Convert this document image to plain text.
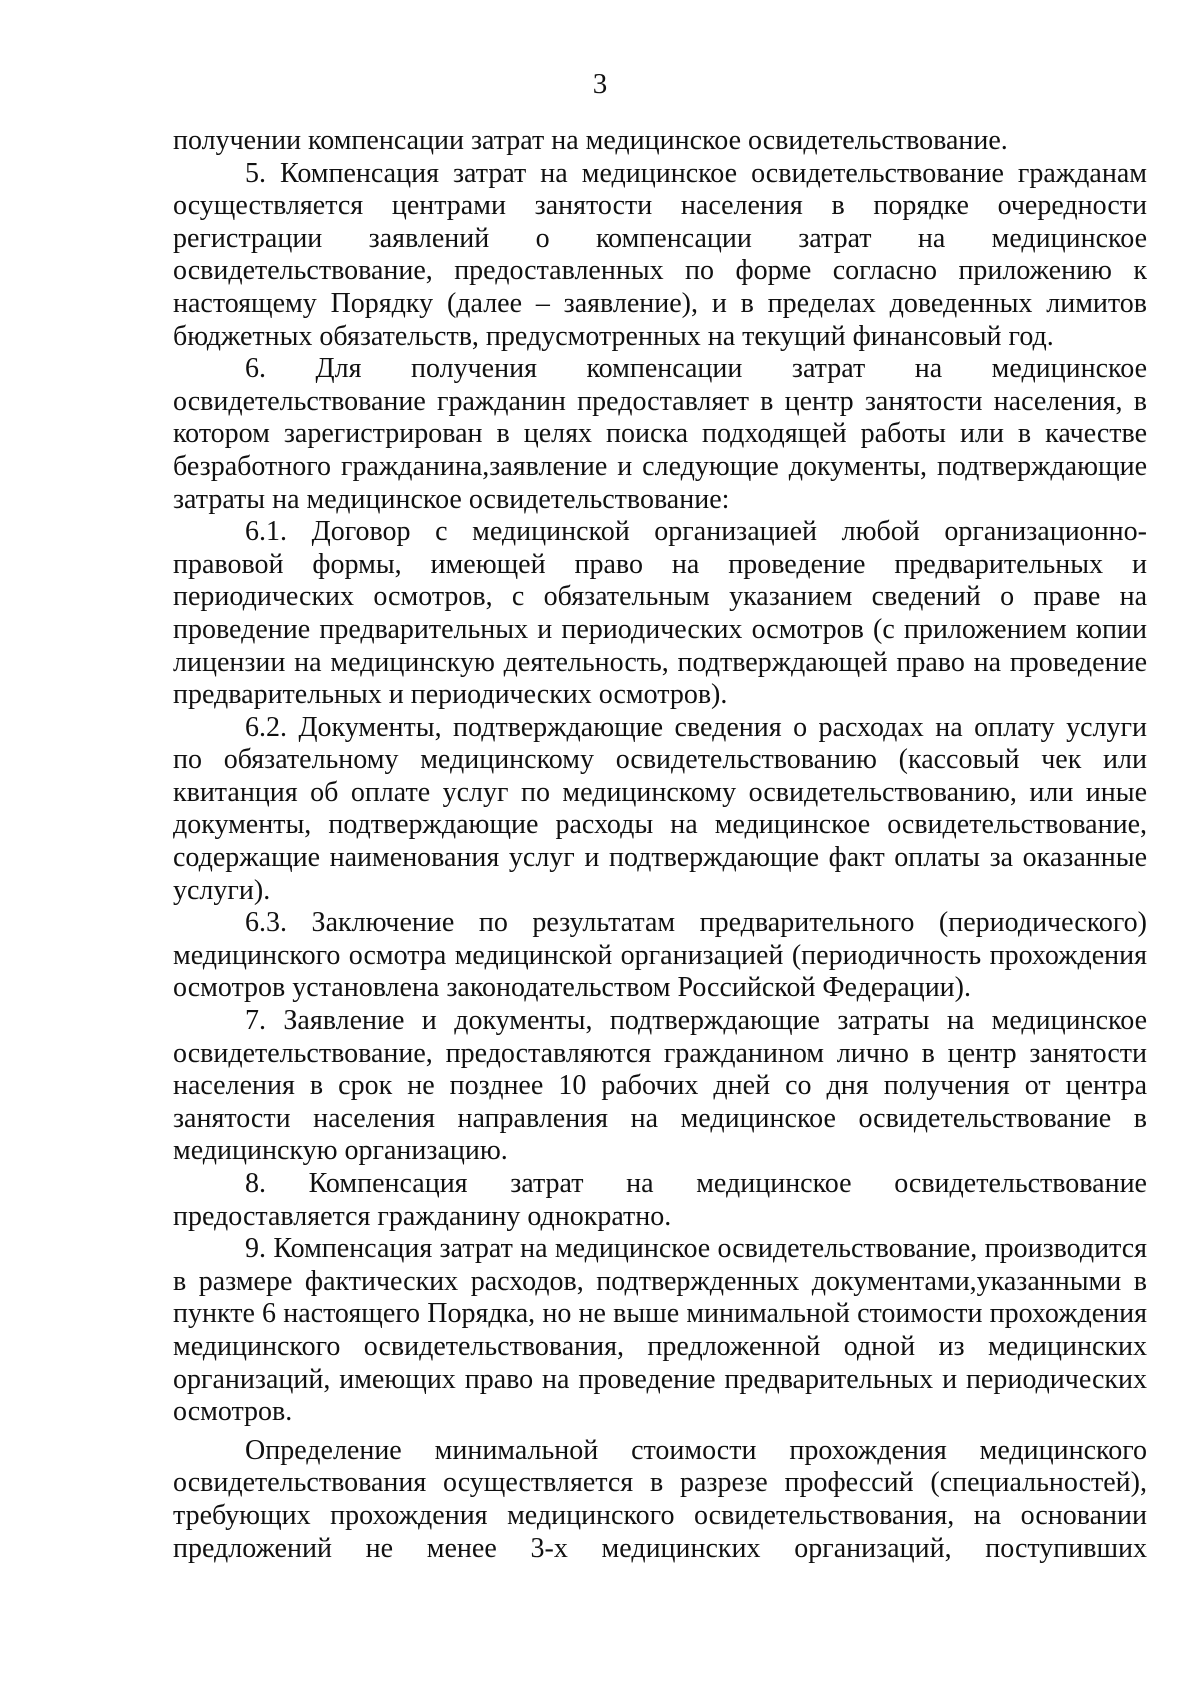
3

получении компенсации затрат на медицинское освидетельствование.

5. Компенсация затрат на медицинское освидетельствование гражданам осуществляется центрами занятости населения в порядке очередности регистрации заявлений о компенсации затрат на медицинское освидетельствование, предоставленных по форме согласно приложению к настоящему Порядку (далее – заявление), и в пределах доведенных лимитов бюджетных обязательств, предусмотренных на текущий финансовый год.

6. Для получения компенсации затрат на медицинское освидетельствование гражданин предоставляет в центр занятости населения, в котором зарегистрирован в целях поиска подходящей работы или в качестве безработного гражданина,заявление и следующие документы, подтверждающие затраты на медицинское освидетельствование:

6.1. Договор с медицинской организацией любой организационно-правовой формы, имеющей право на проведение предварительных и периодических осмотров, с обязательным указанием сведений о праве на проведение предварительных и периодических осмотров (с приложением копии лицензии на медицинскую деятельность, подтверждающей право на проведение предварительных и периодических осмотров).

6.2. Документы, подтверждающие сведения о расходах на оплату услуги по обязательному медицинскому освидетельствованию (кассовый чек или квитанция об оплате услуг по медицинскому освидетельствованию, или иные документы, подтверждающие расходы на медицинское освидетельствование, содержащие наименования услуг и подтверждающие факт оплаты за оказанные услуги).

6.3. Заключение по результатам предварительного (периодического) медицинского осмотра медицинской организацией (периодичность прохождения осмотров установлена законодательством Российской Федерации).

7. Заявление и документы, подтверждающие затраты на медицинское освидетельствование, предоставляются гражданином лично в центр занятости населения в срок не позднее 10 рабочих дней со дня получения от центра занятости населения направления на медицинское освидетельствование в медицинскую организацию.

8. Компенсация затрат на медицинское освидетельствование предоставляется гражданину однократно.

9. Компенсация затрат на медицинское освидетельствование, производится в размере фактических расходов, подтвержденных документами,указанными в пункте 6 настоящего Порядка, но не выше минимальной стоимости прохождения медицинского освидетельствования, предложенной одной из медицинских организаций, имеющих право на проведение предварительных и периодических осмотров.

Определение минимальной стоимости прохождения медицинского освидетельствования осуществляется в разрезе профессий (специальностей), требующих прохождения медицинского освидетельствования, на основании предложений не менее 3-х медицинских организаций, поступивших
